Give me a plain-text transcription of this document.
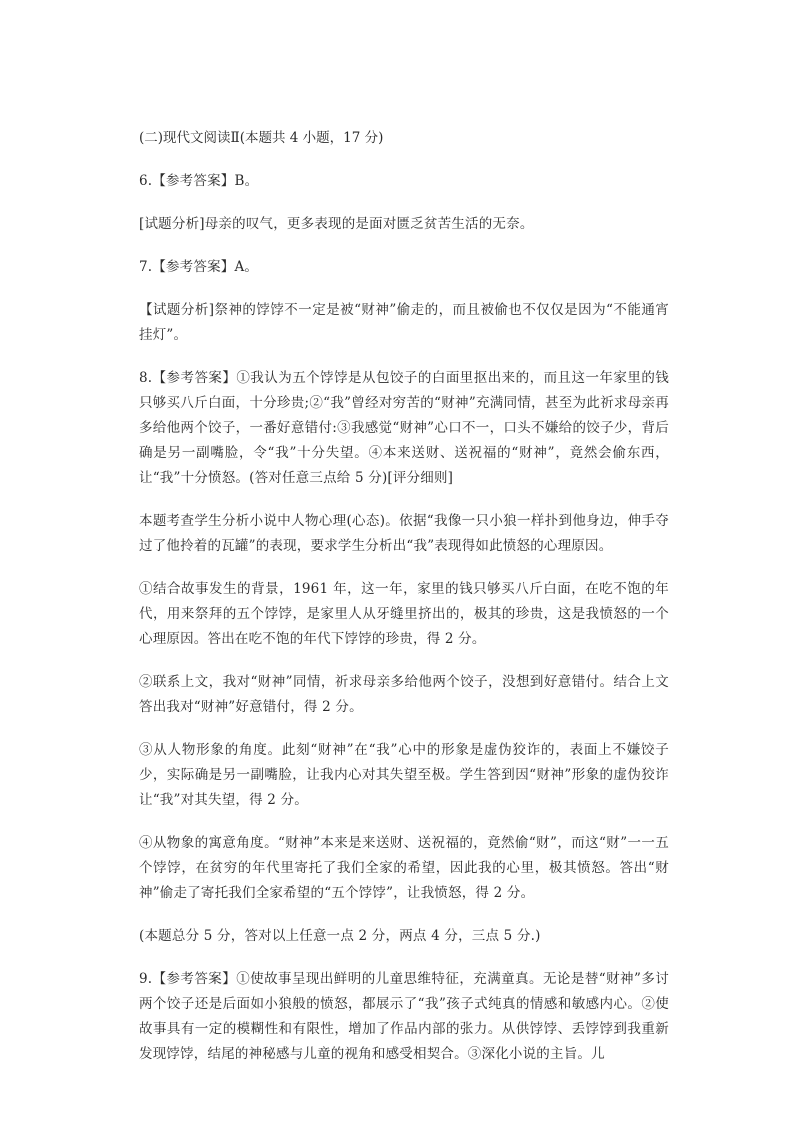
(二)现代文阅读Ⅱ(本题共 4 小题，17 分)

6.【参考答案】B。

[试题分析]母亲的叹气，更多表现的是面对匮乏贫苦生活的无奈。

7.【参考答案】A。

【试题分析]祭神的饽饽不一定是被“财神”偷走的，而且被偷也不仅仅是因为“不能通宵挂灯”。

8.【参考答案】①我认为五个饽饽是从包饺子的白面里抠出来的，而且这一年家里的钱只够买八斤白面，十分珍贵;②“我”曾经对穷苦的“财神”充满同情，甚至为此祈求母亲再多给他两个饺子，一番好意错付:③我感觉“财神”心口不一，口头不嫌给的饺子少，背后确是另一副嘴脸，令“我”十分失望。④本来送财、送祝福的“财神”，竟然会偷东西，让“我”十分愤怒。(答对任意三点给 5 分)[评分细则]

本题考查学生分析小说中人物心理(心态)。依据“我像一只小狼一样扑到他身边，伸手夺过了他拎着的瓦罐”的表现，要求学生分析出“我”表现得如此愤怒的心理原因。

①结合故事发生的背景，1961 年，这一年，家里的钱只够买八斤白面，在吃不饱的年代，用来祭拜的五个饽饽，是家里人从牙缝里挤出的，极其的珍贵，这是我愤怒的一个心理原因。答出在吃不饱的年代下饽饽的珍贵，得 2 分。

②联系上文，我对“财神”同情，祈求母亲多给他两个饺子，没想到好意错付。结合上文答出我对“财神”好意错付，得 2 分。

③从人物形象的角度。此刻“财神”在“我”心中的形象是虚伪狡诈的，表面上不嫌饺子少，实际确是另一副嘴脸，让我内心对其失望至极。学生答到因“财神”形象的虚伪狡诈让“我”对其失望，得 2 分。

④从物象的寓意角度。“财神”本来是来送财、送祝福的，竟然偷“财”，而这“财”一一五个饽饽，在贫穷的年代里寄托了我们全家的希望，因此我的心里，极其愤怒。答出“财神”偷走了寄托我们全家希望的“五个饽饽”，让我愤怒，得 2 分。

(本题总分 5 分，答对以上任意一点 2 分，两点 4 分，三点 5 分.)

9.【参考答案】①使故事呈现出鲜明的儿童思维特征，充满童真。无论是替“财神”多讨两个饺子还是后面如小狼般的愤怒，都展示了“我”孩子式纯真的情感和敏感内心。②使故事具有一定的模糊性和有限性，增加了作品内部的张力。从供饽饽、丢饽饽到我重新发现饽饽，结尾的神秘感与儿童的视角和感受相契合。③深化小说的主旨。儿
